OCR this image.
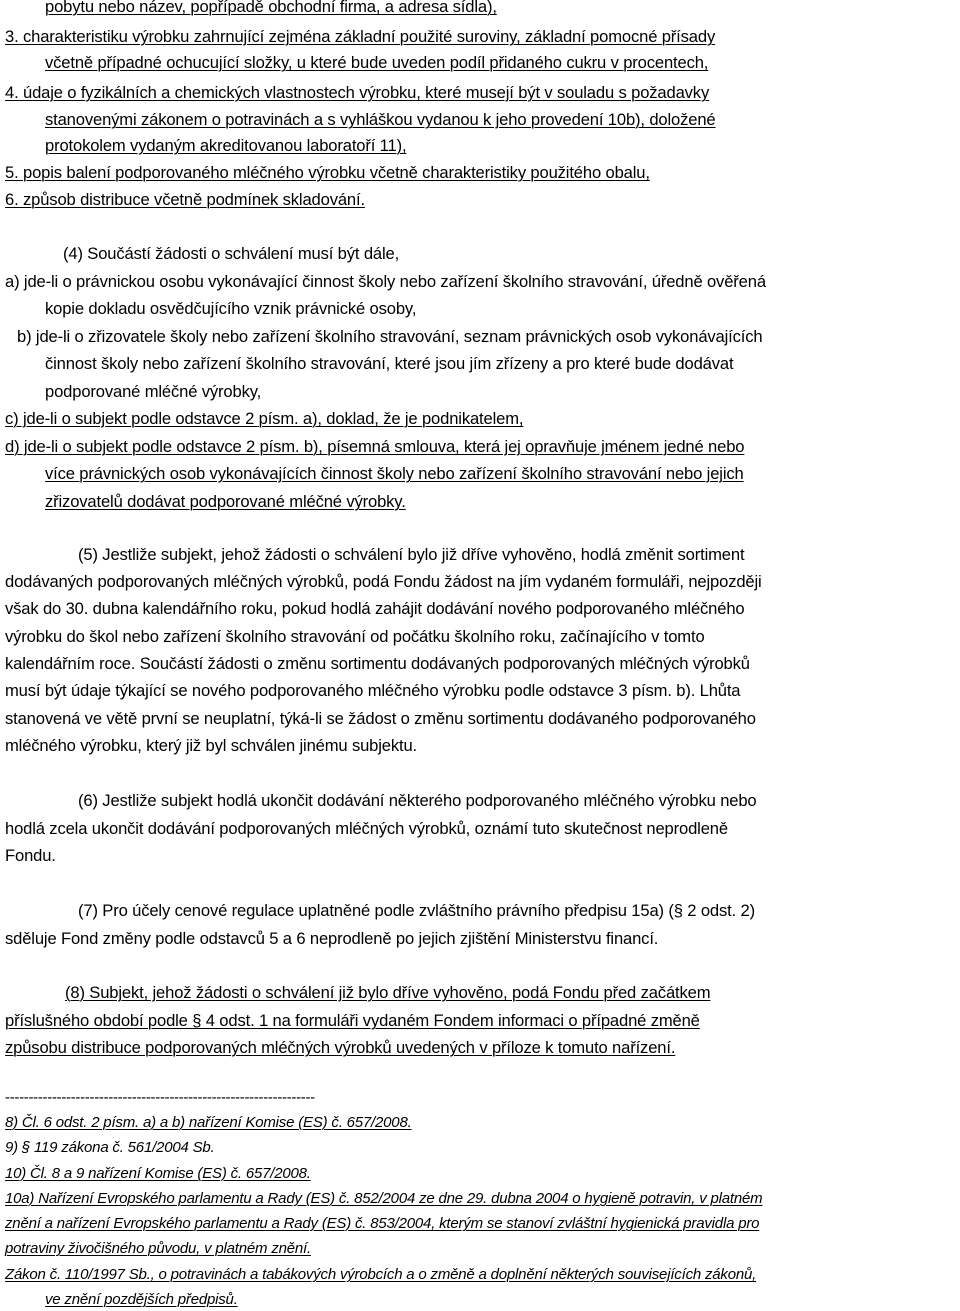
pobytu nebo název, popřípadě obchodní firma, a adresa sídla),
3. charakteristiku výrobku zahrnující zejména základní použité suroviny, základní pomocné přísady
včetně případné ochucující složky, u které bude uveden podíl přidaného cukru v procentech,
4. údaje o fyzikálních a chemických vlastnostech výrobku, které musejí být v souladu s požadavky
stanovenými zákonem o potravinách a s vyhláškou vydanou k jeho provedení 10b), doložené
protokolem vydaným akreditovanou laboratoří 11),
5. popis balení podporovaného mléčného výrobku včetně charakteristiky použitého obalu,
6. způsob distribuce včetně podmínek skladování.
(4) Součástí žádosti o schválení musí být dále,
a) jde-li o právnickou osobu vykonávající činnost školy nebo zařízení školního stravování, úředně ověřená
kopie dokladu osvědčujícího vznik právnické osoby,
b) jde-li o zřizovatele školy nebo zařízení školního stravování, seznam právnických osob vykonávajících
činnost školy nebo zařízení školního stravování, které jsou jím zřízeny a pro které bude dodávat
podporované mléčné výrobky,
c) jde-li o subjekt podle odstavce 2 písm. a), doklad, že je podnikatelem,
d) jde-li o subjekt podle odstavce 2 písm. b), písemná smlouva, která jej opravňuje jménem jedné nebo
více právnických osob vykonávajících činnost školy nebo zařízení školního stravování nebo jejich
zřizovatelů dodávat podporované mléčné výrobky.
(5) Jestliže subjekt, jehož žádosti o schválení bylo již dříve vyhověno, hodlá změnit sortiment
dodávaných podporovaných mléčných výrobků, podá Fondu žádost na jím vydaném formuláři, nejpozději
však do 30. dubna kalendářního roku, pokud hodlá zahájit dodávání nového podporovaného mléčného
výrobku do škol nebo zařízení školního stravování od počátku školního roku, začínajícího v tomto
kalendářním roce. Součástí žádosti o změnu sortimentu dodávaných podporovaných mléčných výrobků
musí být údaje týkající se nového podporovaného mléčného výrobku podle odstavce 3 písm. b). Lhůta
stanovená ve větě první se neuplatní, týká-li se žádost o změnu sortimentu dodávaného podporovaného
mléčného výrobku, který již byl schválen jinému subjektu.
(6) Jestliže subjekt hodlá ukončit dodávání některého podporovaného mléčného výrobku nebo
hodlá zcela ukončit dodávání podporovaných mléčných výrobků, oznámí tuto skutečnost neprodleně
Fondu.
(7) Pro účely cenové regulace uplatněné podle zvláštního právního předpisu 15a) (§ 2 odst. 2)
sděluje Fond změny podle odstavců 5 a 6 neprodleně po jejich zjištění Ministerstvu financí.
(8) Subjekt, jehož žádosti o schválení již bylo dříve vyhověno, podá Fondu před začátkem
příslušného období podle § 4 odst. 1 na formuláři vydaném Fondem informaci o případné změně
způsobu distribuce podporovaných mléčných výrobků uvedených v příloze k tomuto nařízení.
------------------------------------------------------------------
8) Čl. 6 odst. 2 písm. a) a b) nařízení Komise (ES) č. 657/2008.
9) § 119 zákona č. 561/2004 Sb.
10) Čl. 8 a 9 nařízení Komise (ES) č. 657/2008.
10a) Nařízení Evropského parlamentu a Rady (ES) č. 852/2004 ze dne 29. dubna 2004 o hygieně potravin, v platném
znění a nařízení Evropského parlamentu a Rady (ES) č. 853/2004, kterým se stanoví zvláštní hygienická pravidla pro
potraviny živočišného původu, v platném znění.
Zákon č. 110/1997 Sb., o potravinách a tabákových výrobcích a o změně a doplnění některých souvisejících zákonů,
ve znění pozdějších předpisů.
